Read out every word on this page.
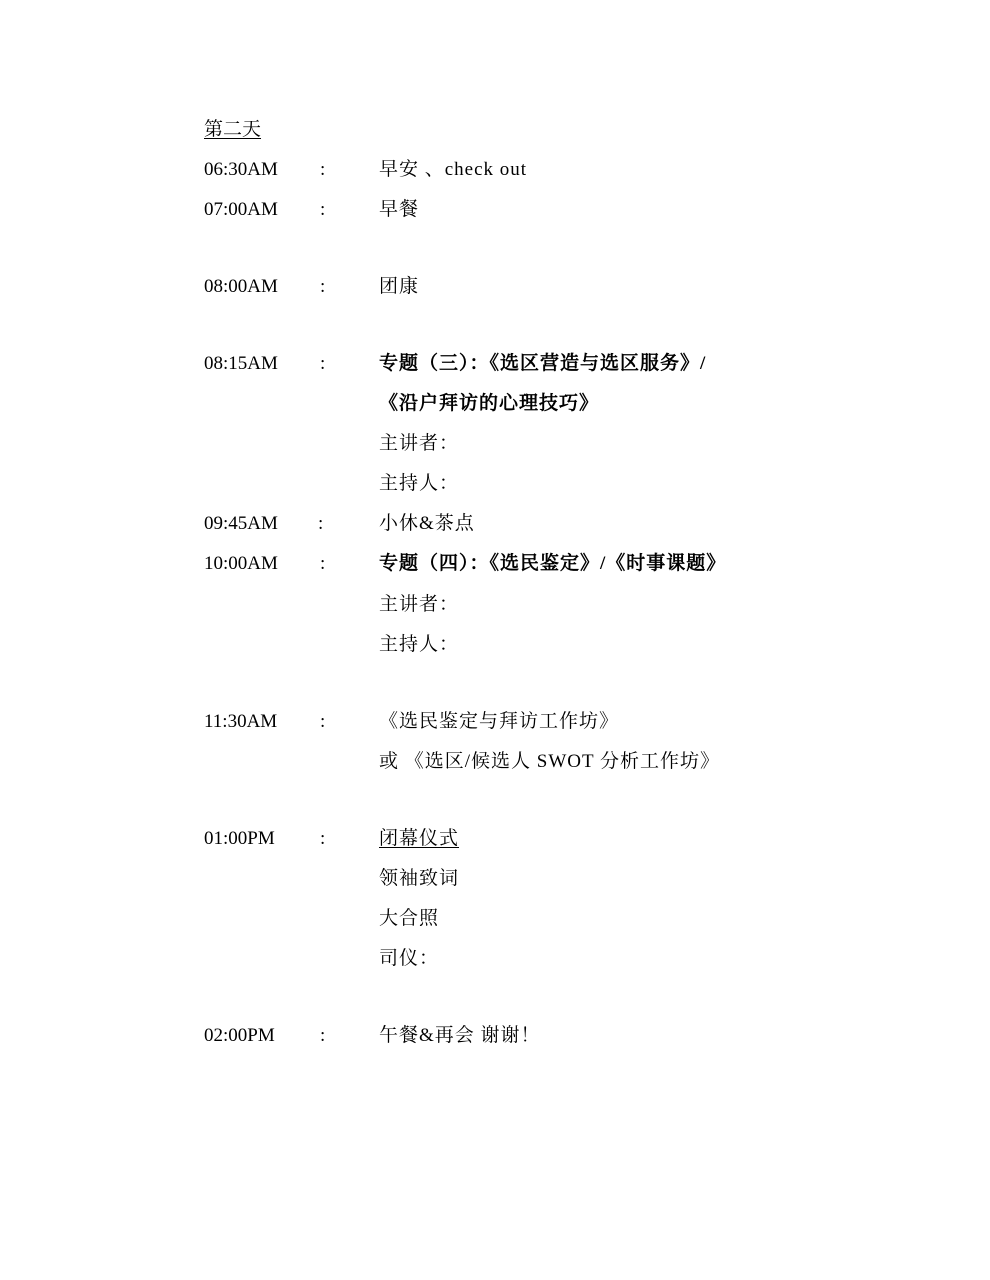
第二天
06:30AM :	早安 、check out
07:00AM :	早餐
08:00AM :	团康
08:15AM :	专题（三）：《选区营造与选区服务》/
《沿户拜访的心理技巧》
主讲者：
主持人：
09:45AM :	小休&茶点
10:00AM :	专题（四）：《选民鉴定》/《时事课题》
主讲者：
主持人：
11:30AM :	《选民鉴定与拜访工作坊》
或 《选区/候选人 SWOT 分析工作坊》
01:00PM :	闭幕仪式
领袖致词
大合照
司仪：
02:00PM :	午餐&再会 谢谢！
